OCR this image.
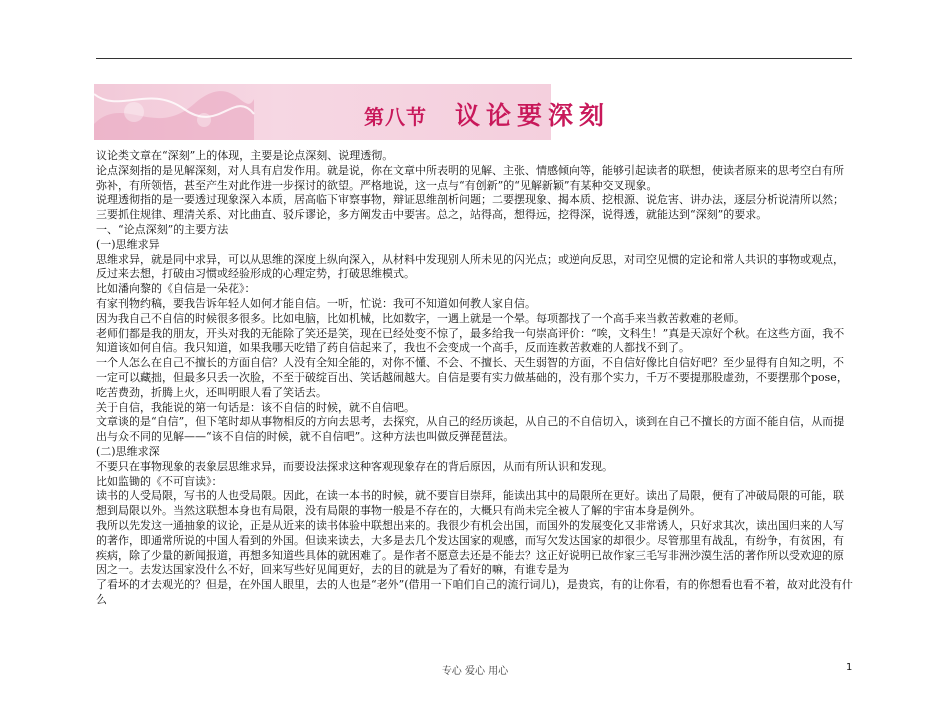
第八节 议论要深刻

议论类文章在“深刻”上的体现，主要是论点深刻、说理透彻。

论点深刻指的是见解深刻，对人具有启发作用。就是说，你在文章中所表明的见解、主张、情感倾向等，能够引起读者的联想，使读者原来的思考空白有所弥补，有所领悟，甚至产生对此作进一步探讨的欲望。严格地说，这一点与“有创新”的“见解新颖”有某种交叉现象。

说理透彻指的是一要透过现象深入本质，居高临下审察事物，辩证思维剖析问题；二要摆现象、揭本质、挖根源、说危害、讲办法，逐层分析说清所以然；三要抓住规律、理清关系、对比曲直、驳斥谬论，多方阐发击中要害。总之，站得高，想得远，挖得深，说得透，就能达到“深刻”的要求。

一、“论点深刻”的主要方法

(一)思维求异

思维求异，就是同中求异，可以从思维的深度上纵向深入，从材料中发现别人所未见的闪光点；或逆向反思，对司空见惯的定论和常人共识的事物或观点，反过来去想，打破由习惯或经验形成的心理定势，打破思维模式。

比如潘向黎的《自信是一朵花》：

有家刊物约稿，要我告诉年轻人如何才能自信。一听，忙说：我可不知道如何教人家自信。

因为我自己不自信的时候很多很多。比如电脑，比如机械，比如数字，一遇上就是一个晕。每项都找了一个高手来当救苦救难的老师。

老师们都是我的朋友，开头对我的无能除了笑还是笑，现在已经处变不惊了，最多给我一句崇高评价：“唉，文科生！”真是天凉好个秋。在这些方面，我不知道该如何自信。我只知道，如果我哪天吃错了药自信起来了，我也不会变成一个高手，反而连救苦救难的人都找不到了。

一个人怎么在自己不擅长的方面自信？人没有全知全能的，对你不懂、不会、不擅长、天生弱智的方面，不自信好像比自信好吧？至少显得有自知之明，不一定可以藏拙，但最多只丢一次脸，不至于破绽百出、笑话越闹越大。自信是要有实力做基础的，没有那个实力，千万不要提那股虚劲，不要摆那个pose，吃苦费劲，折腾上火，还叫明眼人看了笑话去。

关于自信，我能说的第一句话是：该不自信的时候，就不自信吧。

文章谈的是“自信”，但下笔时却从事物相反的方向去思考，去探究，从自己的经历谈起，从自己的不自信切入，谈到在自己不擅长的方面不能自信，从而提出与众不同的见解——“该不自信的时候，就不自信吧”。这种方法也叫做反弹琵琶法。

(二)思维求深

不要只在事物现象的表象层思维求异，而要设法探求这种客观现象存在的背后原因，从而有所认识和发现。

比如监锄的《不可盲读》：

读书的人受局限，写书的人也受局限。因此，在读一本书的时候，就不要盲目崇拜，能读出其中的局限所在更好。读出了局限，便有了冲破局限的可能，联想到局限以外。当然这联想本身也有局限，没有局限的事物一般是不存在的，大概只有尚未完全被人了解的宇宙本身是例外。

我所以先发这一通抽象的议论，正是从近来的读书体验中联想出来的。我很少有机会出国，而国外的发展变化又非常诱人，只好求其次，读出国归来的人写的著作，即通常所说的中国人看到的外国。但读来读去，大多是去几个发达国家的观感，而写欠发达国家的却很少。尽管那里有战乱，有纷争，有贫困，有疾病，除了少量的新闻报道，再想多知道些具体的就困难了。是作者不愿意去还是不能去？这正好说明已故作家三毛写非洲沙漠生活的著作所以受欢迎的原因之一。去发达国家没什么不好，回来写些好见闻更好，去的目的就是为了看好的嘛，有谁专是为

了看坏的才去观光的？但是，在外国人眼里，去的人也是“老外”(借用一下咱们自己的流行词儿)，是贵宾，有的让你看，有的你想看也看不着，故对此没有什么

专心 爱心 用心	1
